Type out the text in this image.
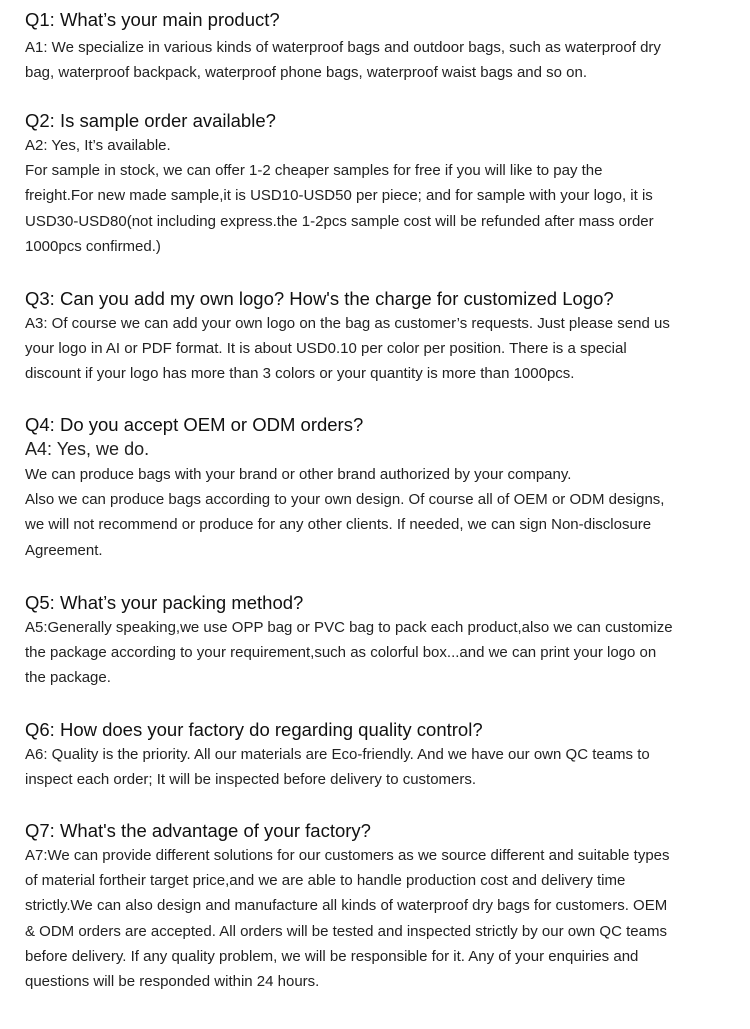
Q1: What’s your main product?

A1: We specialize in various kinds of waterproof bags and outdoor bags, such as waterproof dry

bag, waterproof backpack, waterproof phone bags, waterproof waist bags and so on.

Q2: Is sample order available?

A2: Yes, It’s available.

For sample in stock, we can offer 1-2 cheaper samples for free if you will like to pay the

freight.For new made sample,it is USD10-USD50 per piece; and for sample with your logo, it is

USD30-USD80(not including express.the 1-2pcs sample cost will be refunded after mass order

1000pcs confirmed.)

Q3: Can you add my own logo? How's the charge for customized Logo?

A3: Of course we can add your own logo on the bag as customer’s requests. Just please send us

your logo in AI or PDF format. It is about USD0.10 per color per position. There is a special

discount if your logo has more than 3 colors or your quantity is more than 1000pcs.

Q4: Do you accept OEM or ODM orders?

A4: Yes, we do.

We can produce bags with your brand or other brand authorized by your company.

Also we can produce bags according to your own design. Of course all of OEM or ODM designs,

we will not recommend or produce for any other clients. If needed, we can sign Non-disclosure

Agreement.

Q5: What’s your packing method?

A5:Generally speaking,we use OPP bag or PVC bag to pack each product,also we can customize

the package according to your requirement,such as colorful box...and we can print your logo on

the package.

Q6: How does your factory do regarding quality control?

A6: Quality is the priority. All our materials are Eco-friendly. And we have our own QC teams to

inspect each order; It will be inspected before delivery to customers.

Q7: What's the advantage of your factory?

A7:We can provide different solutions for our customers as we source different and suitable types

of material fortheir target price,and we are able to handle production cost and delivery time

strictly.We can also design and manufacture all kinds of waterproof dry bags for customers. OEM

& ODM orders are accepted. All orders will be tested and inspected strictly by our own QC teams

before delivery. If any quality problem, we will be responsible for it. Any of your enquiries and

questions will be responded within 24 hours.
